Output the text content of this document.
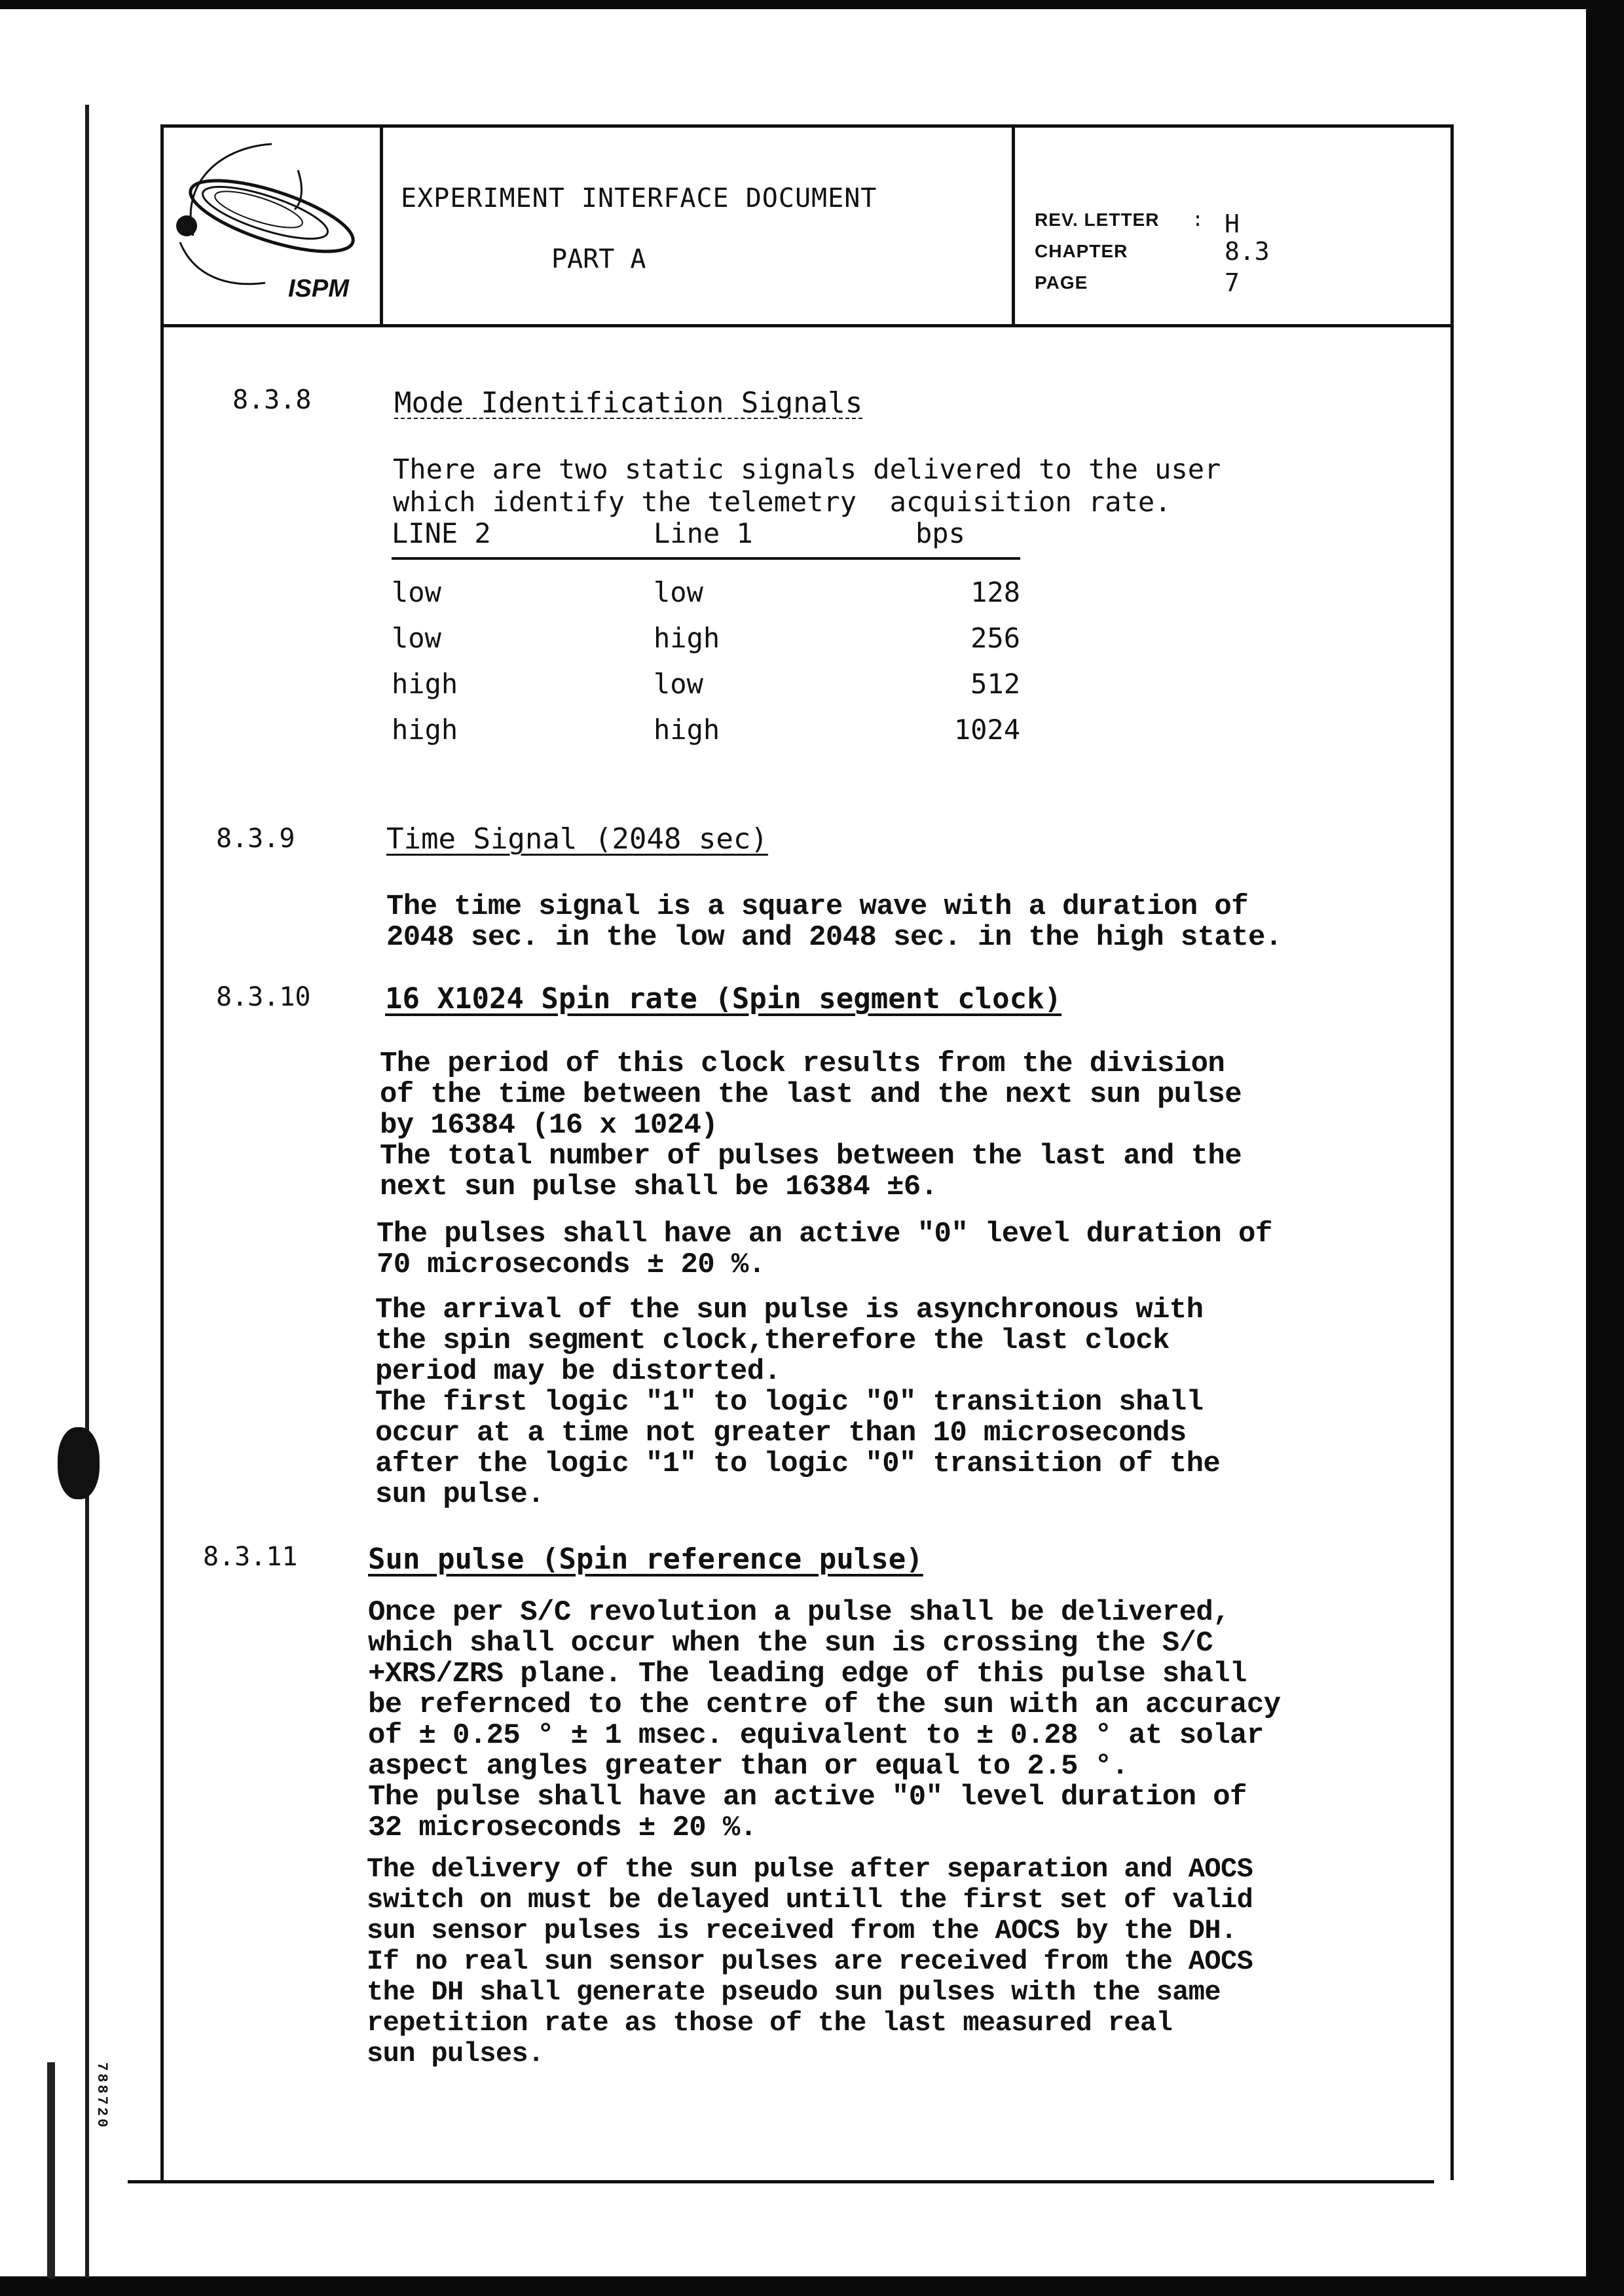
788720
ISPM
EXPERIMENT INTERFACE DOCUMENT
PART A
REV. LETTER : H
CHAPTER	8.3
PAGE	7
8.3.8	Mode Identification Signals
There are two static signals delivered to the user
which identify the telemetry  acquisition rate.
LINE 2	Line 1	bps
low	low	128
low	high	256
high	low	512
high	high	1024
8.3.9	Time Signal (2048 sec)
The time signal is a square wave with a duration of
2048 sec. in the low and 2048 sec. in the high state.
8.3.10	16 X1024 Spin rate (Spin segment clock)
The period of this clock results from the division
of the time between the last and the next sun pulse
by 16384 (16 x 1024)
The total number of pulses between the last and the
next sun pulse shall be 16384 ±6.
The pulses shall have an active "0" level duration of
70 microseconds ± 20 %.
The arrival of the sun pulse is asynchronous with
the spin segment clock,therefore the last clock
period may be distorted.
The first logic "1" to logic "0" transition shall
occur at a time not greater than 10 microseconds
after the logic "1" to logic "0" transition of the
sun pulse.
8.3.11 Sun pulse (Spin reference pulse)
Once per S/C revolution a pulse shall be delivered,
which shall occur when the sun is crossing the S/C
+XRS/ZRS plane. The leading edge of this pulse shall
be refernced to the centre of the sun with an accuracy
of ± 0.25 ° ± 1 msec. equivalent to ± 0.28 ° at solar
aspect angles greater than or equal to 2.5 °.
The pulse shall have an active "0" level duration of
32 microseconds ± 20 %.
The delivery of the sun pulse after separation and AOCS
switch on must be delayed untill the first set of valid
sun sensor pulses is received from the AOCS by the DH.
If no real sun sensor pulses are received from the AOCS
the DH shall generate pseudo sun pulses with the same
repetition rate as those of the last measured real
sun pulses.
